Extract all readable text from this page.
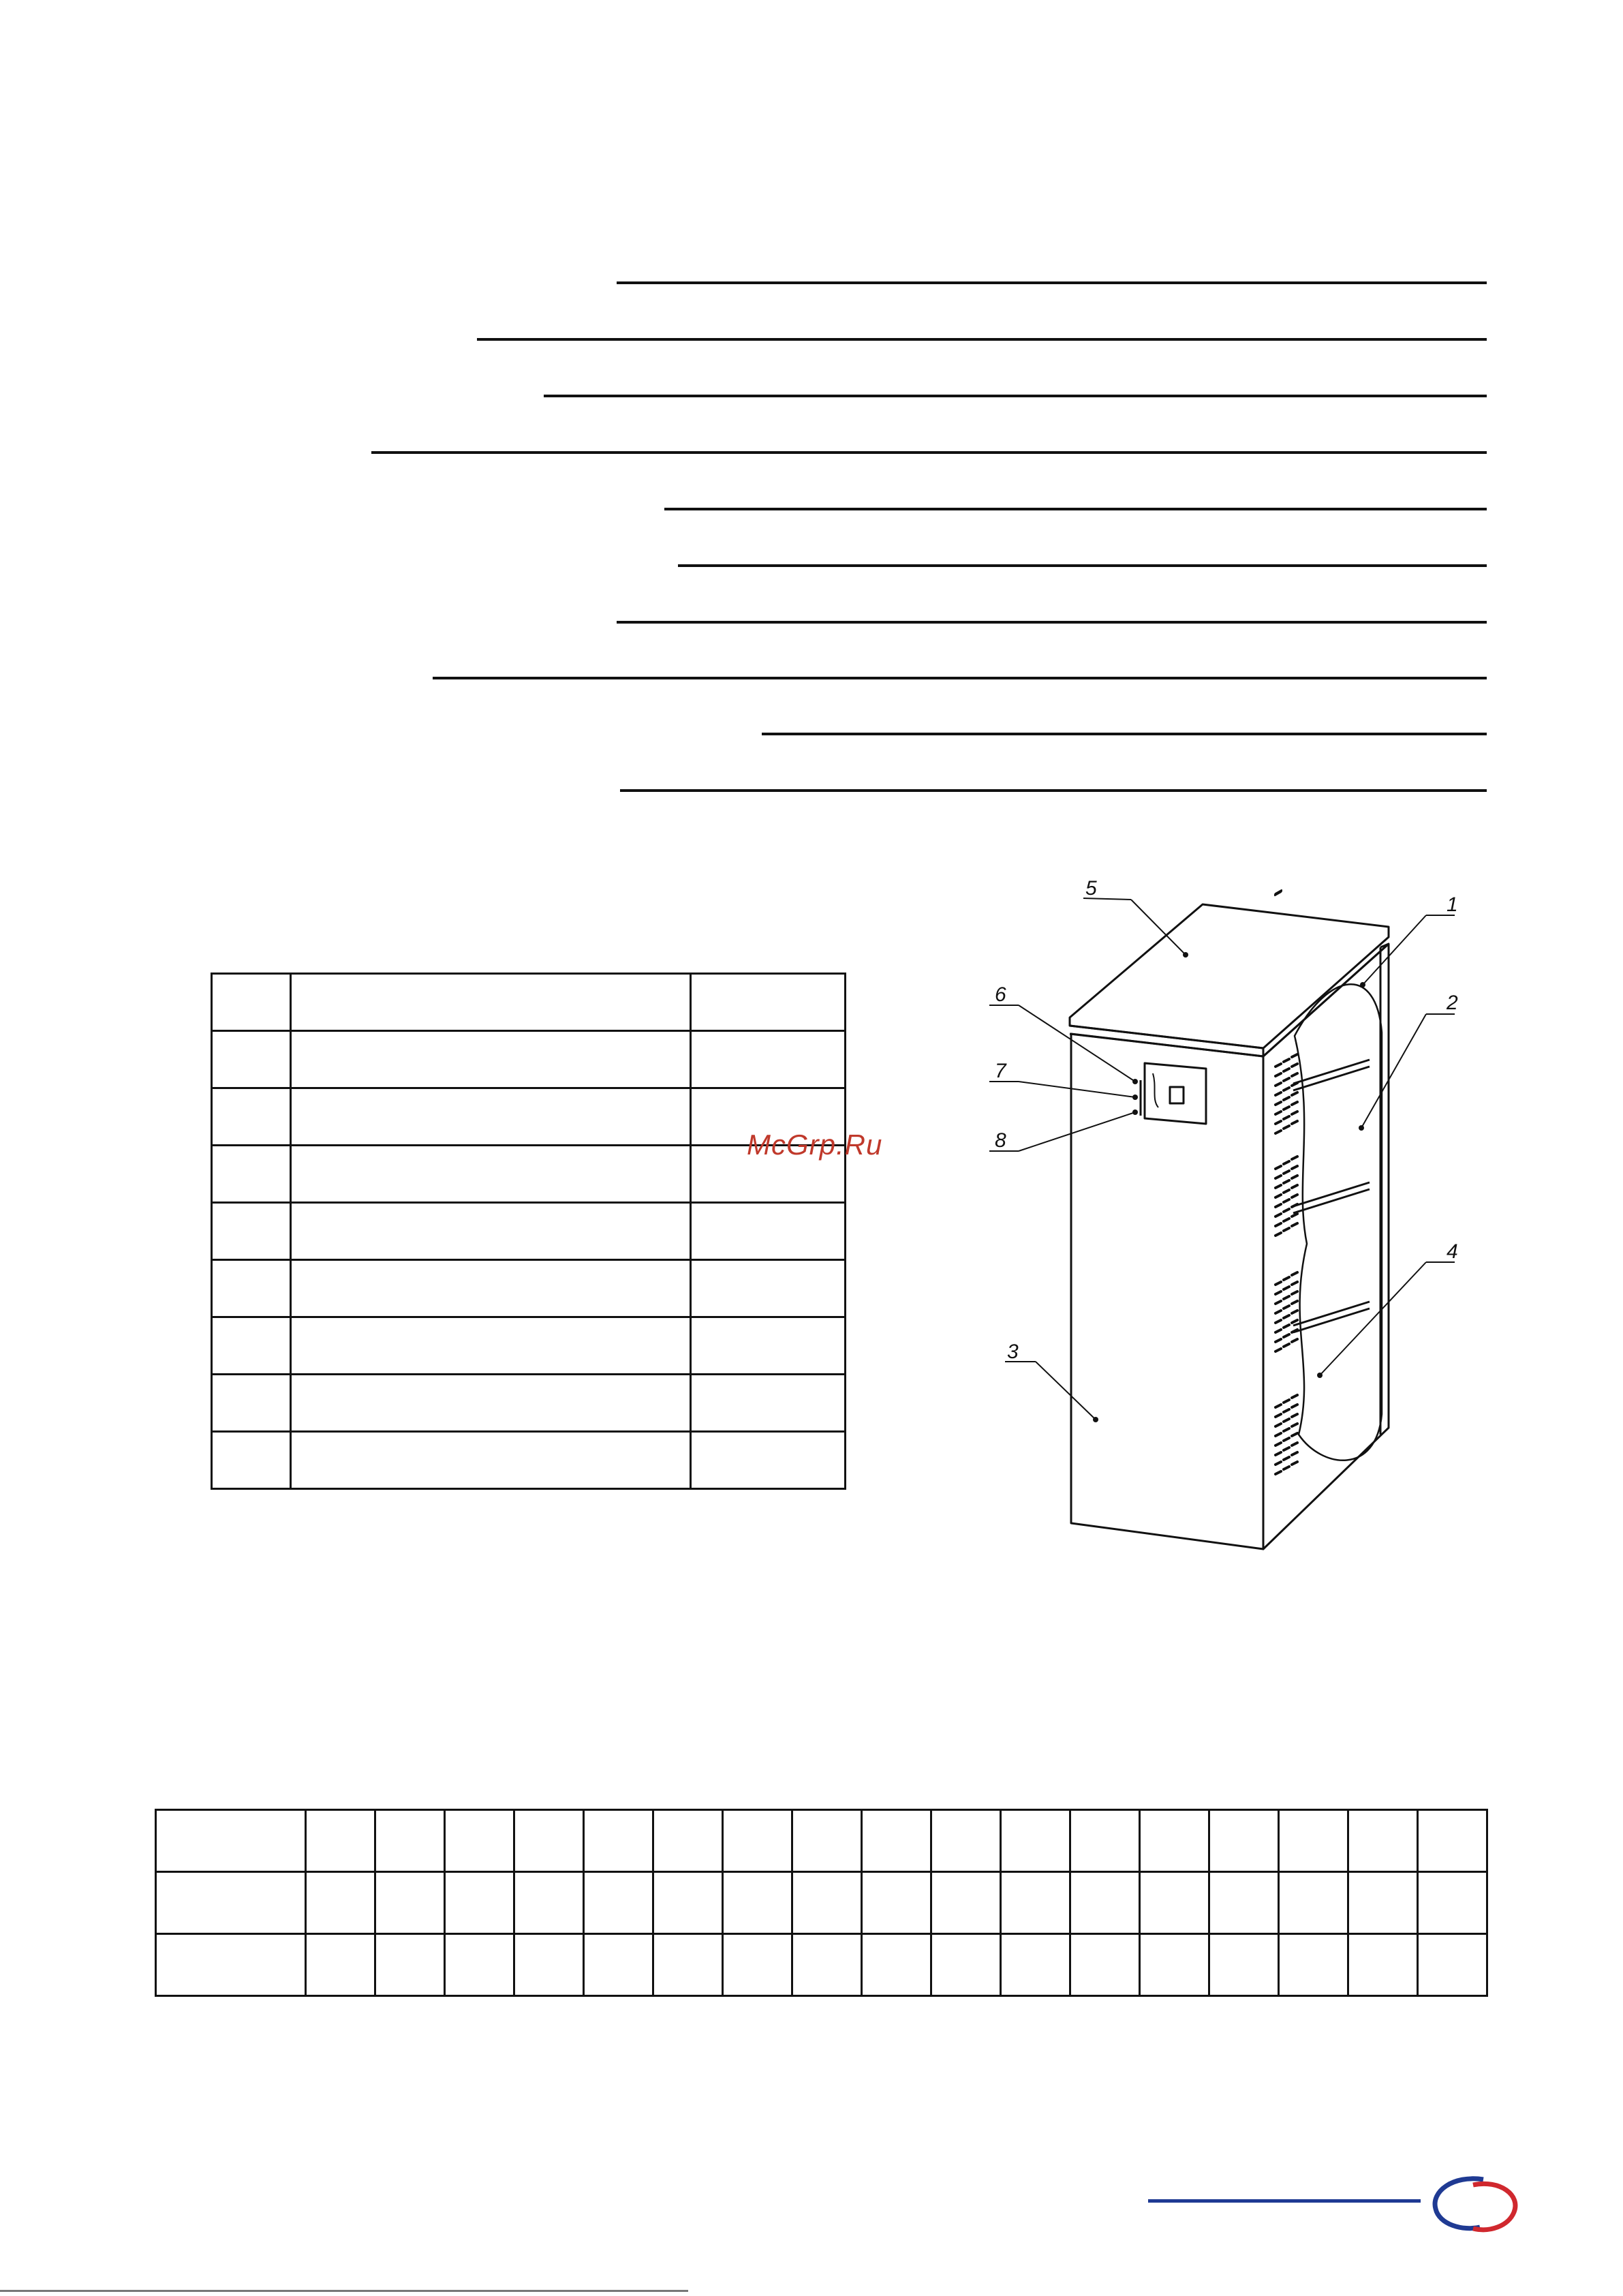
McGrp.Ru
1
2
3
4
5
6
7
8
